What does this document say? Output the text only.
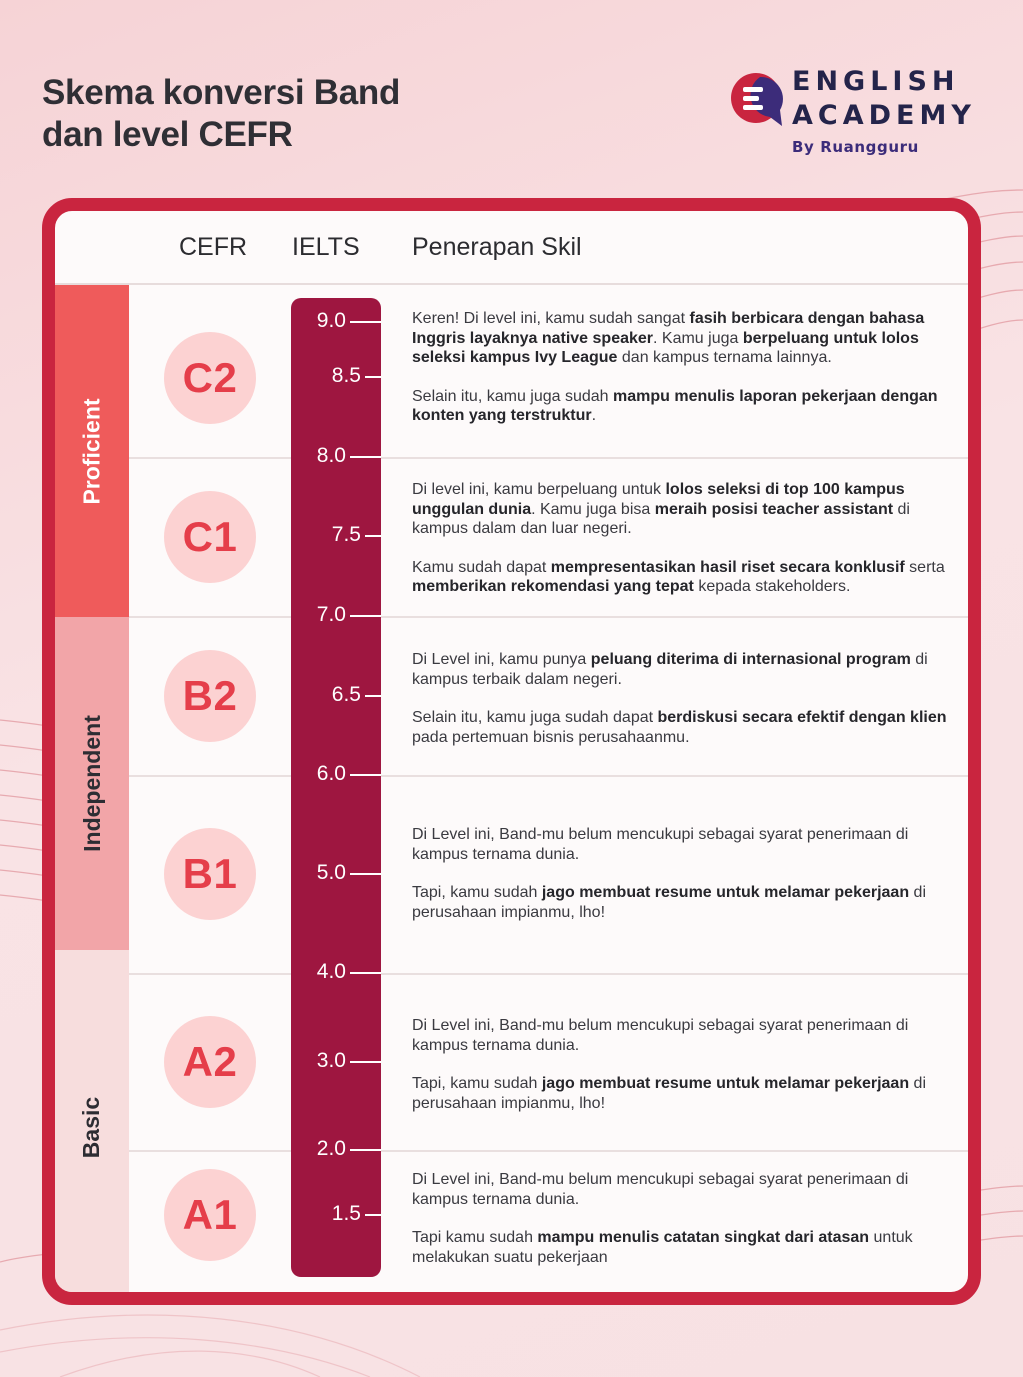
Skema konversi Band
dan level CEFR
ENGLISH
ACADEMY
By Ruangguru
CEFR IELTS Penerapan Skil
Proficient
Independent
Basic
C2
C1
B2
B1
A2
A1
9.0
8.5
8.0
7.5
7.0
6.5
6.0
5.0
4.0
3.0
2.0
1.5

Keren! Di level ini, kamu sudah sangat fasih berbicara dengan bahasa Inggris layaknya native speaker. Kamu juga berpeluang untuk lolos seleksi kampus Ivy League dan kampus ternama lainnya.

Selain itu, kamu juga sudah mampu menulis laporan pekerjaan dengan konten yang terstruktur.

Di level ini, kamu berpeluang untuk lolos seleksi di top 100 kampus unggulan dunia. Kamu juga bisa meraih posisi teacher assistant di kampus dalam dan luar negeri.

Kamu sudah dapat mempresentasikan hasil riset secara konklusif serta memberikan rekomendasi yang tepat kepada stakeholders.

Di Level ini, kamu punya peluang diterima di internasional program di kampus terbaik dalam negeri.

Selain itu, kamu juga sudah dapat berdiskusi secara efektif dengan klien pada pertemuan bisnis perusahaanmu.

Di Level ini, Band-mu belum mencukupi sebagai syarat penerimaan di kampus ternama dunia.

Tapi, kamu sudah jago membuat resume untuk melamar pekerjaan di perusahaan impianmu, lho!

Di Level ini, Band-mu belum mencukupi sebagai syarat penerimaan di kampus ternama dunia.

Tapi, kamu sudah jago membuat resume untuk melamar pekerjaan di perusahaan impianmu, lho!

Di Level ini, Band-mu belum mencukupi sebagai syarat penerimaan di kampus ternama dunia.

Tapi kamu sudah mampu menulis catatan singkat dari atasan untuk melakukan suatu pekerjaan
